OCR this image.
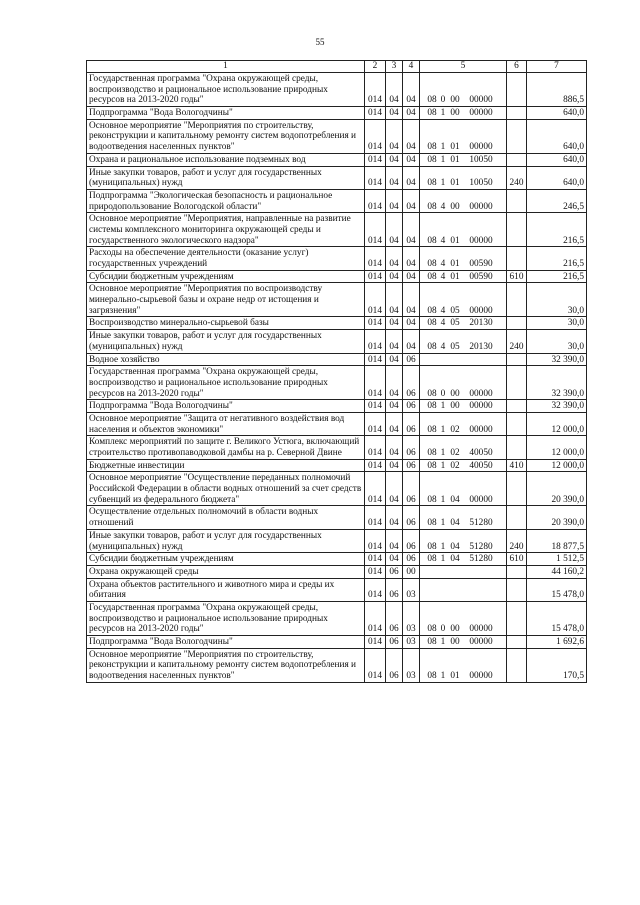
55
1	2	3	4	5	6	7
Государственная программа "Охрана окружающей среды, воспроизводство и рациональное использование природных ресурсов на 2013-2020 годы"	014	04	04	08 0 00 00000		886,5
Подпрограмма "Вода Вологодчины"	014	04	04	08 1 00 00000		640,0
Основное мероприятие "Мероприятия по строительству, реконструкции и капитальному ремонту систем водопотребления и водоотведения населенных пунктов"	014	04	04	08 1 01 00000		640,0
Охрана и рациональное использование подземных вод	014	04	04	08 1 01 10050		640,0
Иные закупки товаров, работ и услуг для государственных (муниципальных) нужд	014	04	04	08 1 01 10050	240	640,0
Подпрограмма "Экологическая безопасность и рациональное природопользование Вологодской области"	014	04	04	08 4 00 00000		246,5
Основное мероприятие "Мероприятия, направленные на развитие системы комплексного мониторинга окружающей среды и государственного экологического надзора"	014	04	04	08 4 01 00000		216,5
Расходы на обеспечение деятельности (оказание услуг) государственных учреждений	014	04	04	08 4 01 00590		216,5
Субсидии бюджетным учреждениям	014	04	04	08 4 01 00590	610	216,5
Основное мероприятие "Мероприятия по воспроизводству минерально-сырьевой базы и охране недр от истощения и загрязнения"	014	04	04	08 4 05 00000		30,0
Воспроизводство минерально-сырьевой базы	014	04	04	08 4 05 20130		30,0
Иные закупки товаров, работ и услуг для государственных (муниципальных) нужд	014	04	04	08 4 05 20130	240	30,0
Водное хозяйство	014	04	06			32 390,0
Государственная программа "Охрана окружающей среды, воспроизводство и рациональное использование природных ресурсов на 2013-2020 годы"	014	04	06	08 0 00 00000		32 390,0
Подпрограмма "Вода Вологодчины"	014	04	06	08 1 00 00000		32 390,0
Основное мероприятие "Защита от негативного воздействия вод населения и объектов экономики"	014	04	06	08 1 02 00000		12 000,0
Комплекс мероприятий по защите г. Великого Устюга, включающий строительство противопаводковой дамбы на р. Северной Двине	014	04	06	08 1 02 40050		12 000,0
Бюджетные инвестиции	014	04	06	08 1 02 40050	410	12 000,0
Основное мероприятие "Осуществление переданных полномочий Российской Федерации в области водных отношений за счет средств субвенций из федерального бюджета"	014	04	06	08 1 04 00000		20 390,0
Осуществление отдельных полномочий в области водных отношений	014	04	06	08 1 04 51280		20 390,0
Иные закупки товаров, работ и услуг для государственных (муниципальных) нужд	014	04	06	08 1 04 51280	240	18 877,5
Субсидии бюджетным учреждениям	014	04	06	08 1 04 51280	610	1 512,5
Охрана окружающей среды	014	06	00			44 160,2
Охрана объектов растительного и животного мира и среды их обитания	014	06	03			15 478,0
Государственная программа "Охрана окружающей среды, воспроизводство и рациональное использование природных ресурсов на 2013-2020 годы"	014	06	03	08 0 00 00000		15 478,0
Подпрограмма "Вода Вологодчины"	014	06	03	08 1 00 00000		1 692,6
Основное мероприятие "Мероприятия по строительству, реконструкции и капитальному ремонту систем водопотребления и водоотведения населенных пунктов"	014	06	03	08 1 01 00000		170,5
